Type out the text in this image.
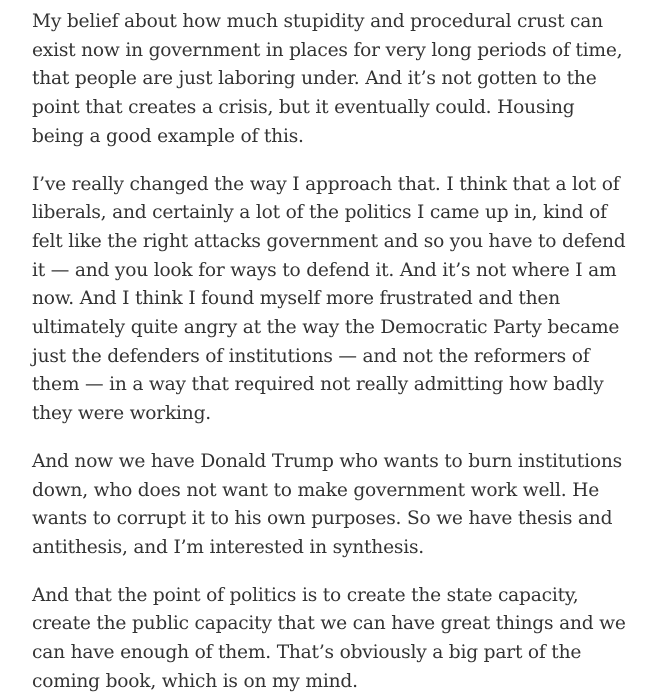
My belief about how much stupidity and procedural crust can exist now in government in places for very long periods of time, that people are just laboring under. And it’s not gotten to the point that creates a crisis, but it eventually could. Housing being a good example of this.

I’ve really changed the way I approach that. I think that a lot of liberals, and certainly a lot of the politics I came up in, kind of felt like the right attacks government and so you have to defend it — and you look for ways to defend it. And it’s not where I am now. And I think I found myself more frustrated and then ultimately quite angry at the way the Democratic Party became just the defenders of institutions — and not the reformers of them — in a way that required not really admitting how badly they were working.

And now we have Donald Trump who wants to burn institutions down, who does not want to make government work well. He wants to corrupt it to his own purposes. So we have thesis and antithesis, and I’m interested in synthesis.

And that the point of politics is to create the state capacity, create the public capacity that we can have great things and we can have enough of them. That’s obviously a big part of the coming book, which is on my mind.
